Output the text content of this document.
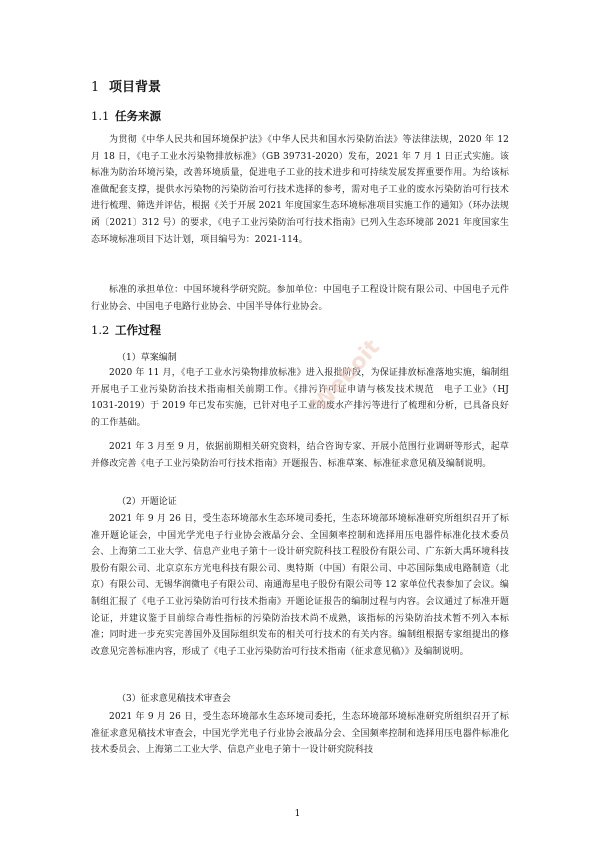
1 项目背景
1.1 任务来源

为贯彻《中华人民共和国环境保护法》《中华人民共和国水污染防治法》等法律法规，2020 年 12 月 18 日，《电子工业水污染物排放标准》（GB 39731-2020）发布，2021 年 7 月 1 日正式实施。该标准为防治环境污染，改善环境质量，促进电子工业的技术进步和可持续发展发挥重要作用。为给该标准做配套支撑，提供水污染物的污染防治可行技术选择的参考，需对电子工业的废水污染防治可行技术进行梳理、筛选并评估，根据《关于开展 2021 年度国家生态环境标准项目实施工作的通知》（环办法规函〔2021〕312 号）的要求，《电子工业污染防治可行技术指南》已列入生态环境部 2021 年度国家生态环境标准项目下达计划，项目编号为：2021-114。

标准的承担单位：中国环境科学研究院。参加单位：中国电子工程设计院有限公司、中国电子元件行业协会、中国电子电路行业协会、中国半导体行业协会。

1.2 工作过程
（1）草案编制

2020 年 11 月，《电子工业水污染物排放标准》进入报批阶段，为保证排放标准落地实施，编制组开展电子工业污染防治技术指南相关前期工作。《排污许可证申请与核发技术规范　电子工业》（HJ 1031-2019）于 2019 年已发布实施，已针对电子工业的废水产排污等进行了梳理和分析，已具备良好的工作基础。

2021 年 3 月至 9 月，依据前期相关研究资料，结合咨询专家、开展小范围行业调研等形式，起草并修改完善《电子工业污染防治可行技术指南》开题报告、标准草案、标准征求意见稿及编制说明。

（2）开题论证

2021 年 9 月 26 日，受生态环境部水生态环境司委托，生态环境部环境标准研究所组织召开了标准开题论证会，中国光学光电子行业协会液晶分会、全国频率控制和选择用压电器件标准化技术委员会、上海第二工业大学、信息产业电子第十一设计研究院科技工程股份有限公司、广东新大禹环境科技股份有限公司、北京京东方光电科技有限公司、奥特斯（中国）有限公司、中芯国际集成电路制造（北京）有限公司、无锡华润微电子有限公司、南通海星电子股份有限公司等 12 家单位代表参加了会议。编制组汇报了《电子工业污染防治可行技术指南》开题论证报告的编制过程与内容。会议通过了标准开题论证，并建议鉴于目前综合毒性指标的污染防治技术尚不成熟，该指标的污染防治技术暂不列入本标准；同时进一步充实完善国外及国际组织发布的相关可行技术的有关内容。编制组根据专家组提出的修改意见完善标准内容，形成了《电子工业污染防治可行技术指南（征求意见稿）》及编制说明。

（3）征求意见稿技术审查会

2021 年 9 月 26 日，受生态环境部水生态环境司委托，生态环境部环境标准研究所组织召开了标准征求意见稿技术审查会，中国光学光电子行业协会液晶分会、全国频率控制和选择用压电器件标准化技术委员会、上海第二工业大学、信息产业电子第十一设计研究院科技

Weboit
1
